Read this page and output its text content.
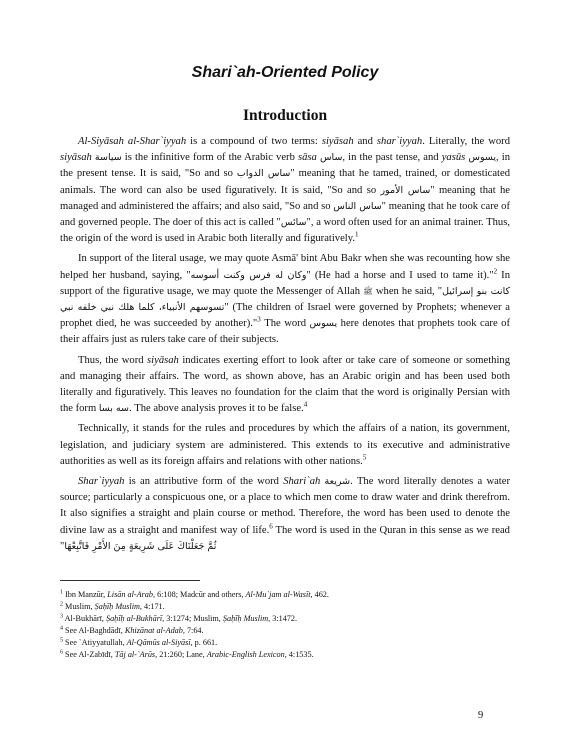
Shari`ah-Oriented Policy
Introduction

Al-Siyāsah al-Shar`iyyah is a compound of two terms: siyāsah and shar`iyyah. Literally, the word siyāsah سياسة is the infinitive form of the Arabic verb sāsa ساس, in the past tense, and yasūs يسوس, in the present tense. It is said, "So and so ساس الدواب" meaning that he tamed, trained, or domesticated animals. The word can also be used figuratively. It is said, "So and so ساس الأمور" meaning that he managed and administered the affairs; and also said, "So and so ساس الناس" meaning that he took care of and governed people. The doer of this act is called "سائس", a word often used for an animal trainer. Thus, the origin of the word is used in Arabic both literally and figuratively.$^1$

In support of the literal usage, we may quote Asmā' bint Abu Bakr when she was recounting how she helped her husband, saying, "وكان له فرس وكنت أسوسه" (He had a horse and I used to tame it)."$^2$ In support of the figurative usage, we may quote the Messenger of Allah ﷺ when he said, "كانت بنو إسرائيل تسوسهم الأنبياء، كلما هلك نبي خلفه نبي" (The children of Israel were governed by Prophets; whenever a prophet died, he was succeeded by another)."$^3$ The word يسوس here denotes that prophets took care of their affairs just as rulers take care of their subjects.

Thus, the word siyāsah indicates exerting effort to look after or take care of someone or something and managing their affairs. The word, as shown above, has an Arabic origin and has been used both literally and figuratively. This leaves no foundation for the claim that the word is originally Persian with the form سه بسا. The above analysis proves it to be false.$^4$

Technically, it stands for the rules and procedures by which the affairs of a nation, its government, legislation, and judiciary system are administered. This extends to its executive and administrative authorities as well as its foreign affairs and relations with other nations.$^5$

Shar`iyyah is an attributive form of the word Shari`ah شريعة. The word literally denotes a water source; particularly a conspicuous one, or a place to which men come to draw water and drink therefrom. It also signifies a straight and plain course or method. Therefore, the word has been used to denote the divine law as a straight and manifest way of life.$^6$ The word is used in the Quran in this sense as we read "ثُمَّ جَعَلْنَاكَ عَلَى شَرِيعَةٍ مِنَ الأَمْرِ فَاتَّبِعْهَا

$^1$ Ibn Manzūr, Lisān al-Arab, 6:108; Madcūr and others, Al-Mu`jam al-Wasīt, 462.
$^2$ Muslim, Ṣaḥīḥ Muslim, 4:171.
$^3$ Al-Bukhārī, Ṣaḥīḥ al-Bukhārī, 3:1274; Muslim, Ṣaḥīḥ Muslim, 3:1472.
$^4$ See Al-Baghdādī, Khizānat al-Adab, 7:64.
$^5$ See `Atiyyatullah, Al-Qāmūs al-Siyāsī, p. 661.
$^6$ See Al-Zabīdī, Tāj al-`Arūs, 21:260; Lane, Arabic-English Lexicon, 4:1535.
9
